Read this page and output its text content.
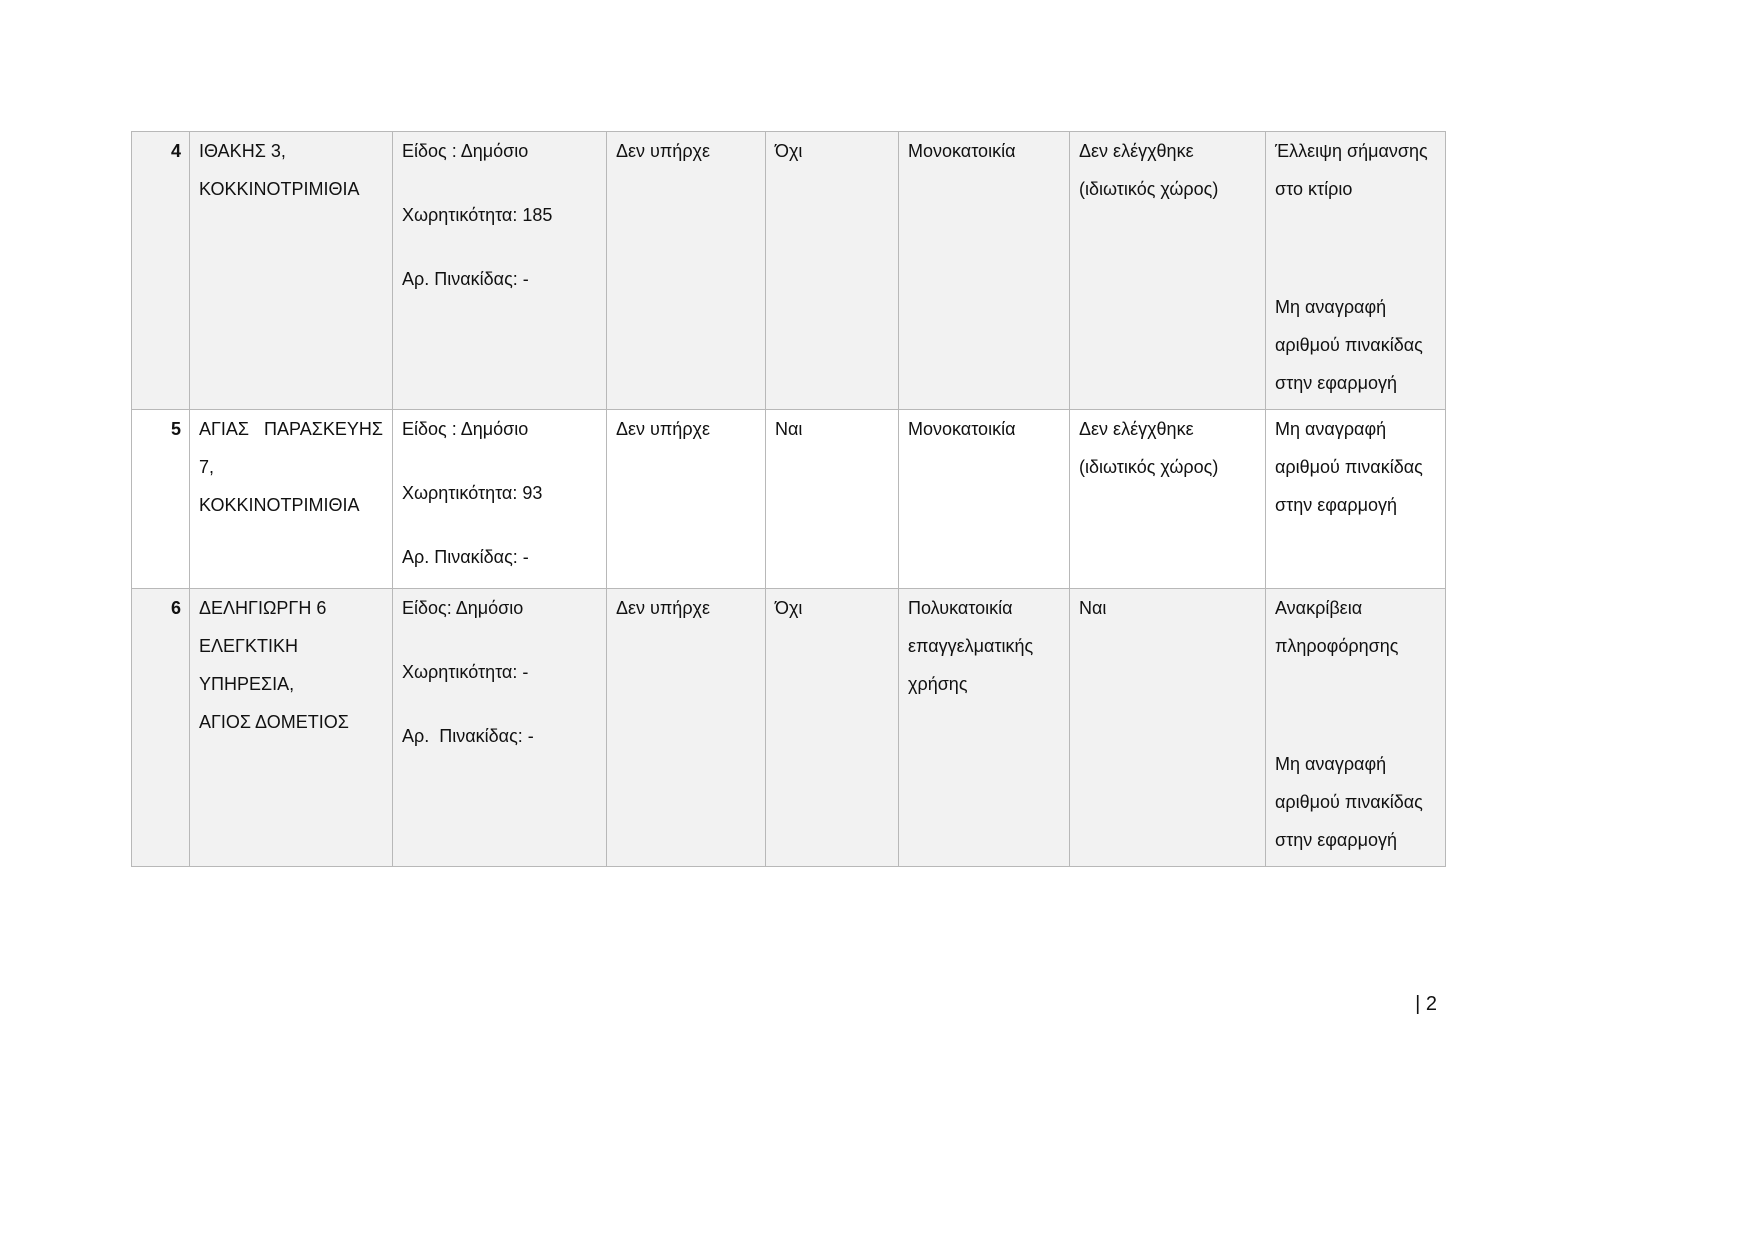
4	ΙΘΑΚΗΣ 3,
ΚΟΚΚΙΝΟΤΡΙΜΙΘΙΑ	Είδος : Δημόσιο
Χωρητικότητα: 185
Αρ. Πινακίδας: -	Δεν υπήρχε	Όχι	Μονοκατοικία	Δεν ελέγχθηκε
(ιδιωτικός χώρος)	Έλλειψη σήμανσης
στο κτίριο
Μη αναγραφή
αριθμού πινακίδας
στην εφαρμογή

5	ΑΓΙΑΣ ΠΑΡΑΣΚΕΥΗΣ 7,
ΚΟΚΚΙΝΟΤΡΙΜΙΘΙΑ	Είδος : Δημόσιο
Χωρητικότητα: 93
Αρ. Πινακίδας: -	Δεν υπήρχε	Ναι	Μονοκατοικία	Δεν ελέγχθηκε
(ιδιωτικός χώρος)	Μη αναγραφή
αριθμού πινακίδας
στην εφαρμογή

6	ΔΕΛΗΓΙΩΡΓΗ 6
ΕΛΕΓΚΤΙΚΗ ΥΠΗΡΕΣΙΑ,
ΑΓΙΟΣ ΔΟΜΕΤΙΟΣ	Είδος: Δημόσιο
Χωρητικότητα: -
Αρ.  Πινακίδας: -	Δεν υπήρχε	Όχι	Πολυκατοικία
επαγγελματικής
χρήσης	Ναι	Ανακρίβεια
πληροφόρησης
Μη αναγραφή
αριθμού πινακίδας
στην εφαρμογή
| 2
